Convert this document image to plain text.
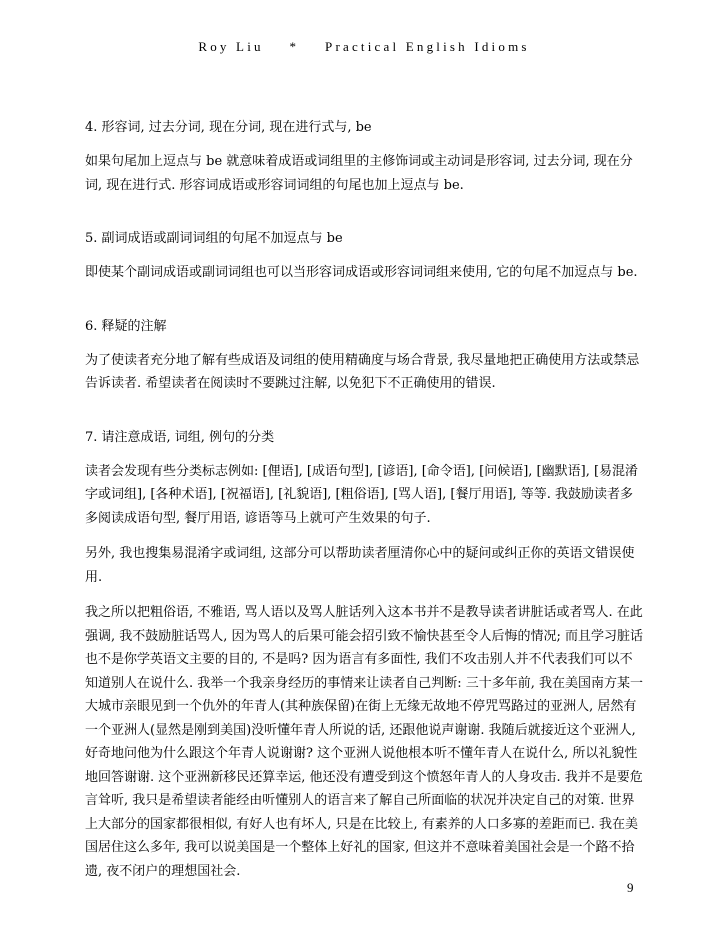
Roy Liu * Practical English Idioms

4. 形容词, 过去分词, 现在分词, 现在进行式与, be

如果句尾加上逗点与 be 就意味着成语或词组里的主修饰词或主动词是形容词, 过去分词, 现在分词, 现在进行式. 形容词成语或形容词词组的句尾也加上逗点与 be.

5. 副词成语或副词词组的句尾不加逗点与 be

即使某个副词成语或副词词组也可以当形容词成语或形容词词组来使用, 它的句尾不加逗点与 be.

6. 释疑的注解

为了使读者充分地了解有些成语及词组的使用精确度与场合背景, 我尽量地把正确使用方法或禁忌告诉读者. 希望读者在阅读时不要跳过注解, 以免犯下不正确使用的错误.

7. 请注意成语, 词组, 例句的分类

读者会发现有些分类标志例如: [俚语], [成语句型], [谚语], [命令语], [问候语], [幽默语], [易混淆字或词组], [各种术语], [祝福语], [礼貌语], [粗俗语], [骂人语], [餐厅用语], 等等. 我鼓励读者多多阅读成语句型, 餐厅用语, 谚语等马上就可产生效果的句子.

另外, 我也搜集易混淆字或词组, 这部分可以帮助读者厘清你心中的疑问或纠正你的英语文错误使用.

我之所以把粗俗语, 不雅语, 骂人语以及骂人脏话列入这本书并不是教导读者讲脏话或者骂人. 在此强调, 我不鼓励脏话骂人, 因为骂人的后果可能会招引致不愉快甚至令人后悔的情况; 而且学习脏话也不是你学英语文主要的目的, 不是吗? 因为语言有多面性, 我们不攻击别人并不代表我们可以不知道别人在说什么. 我举一个我亲身经历的事情来让读者自己判断: 三十多年前, 我在美国南方某一大城市亲眼见到一个仇外的年青人(其种族保留)在街上无缘无故地不停咒骂路过的亚洲人, 居然有一个亚洲人(显然是刚到美国)没听懂年青人所说的话, 还跟他说声谢谢. 我随后就接近这个亚洲人, 好奇地问他为什么跟这个年青人说谢谢? 这个亚洲人说他根本听不懂年青人在说什么, 所以礼貌性地回答谢谢. 这个亚洲新移民还算幸运, 他还没有遭受到这个愤怒年青人的人身攻击. 我并不是要危言耸听, 我只是希望读者能经由听懂别人的语言来了解自己所面临的状况并决定自己的对策. 世界上大部分的国家都很相似, 有好人也有坏人, 只是在比较上, 有素养的人口多寡的差距而已. 我在美国居住这么多年, 我可以说美国是一个整体上好礼的国家, 但这并不意味着美国社会是一个路不拾遗, 夜不闭户的理想国社会.

9
